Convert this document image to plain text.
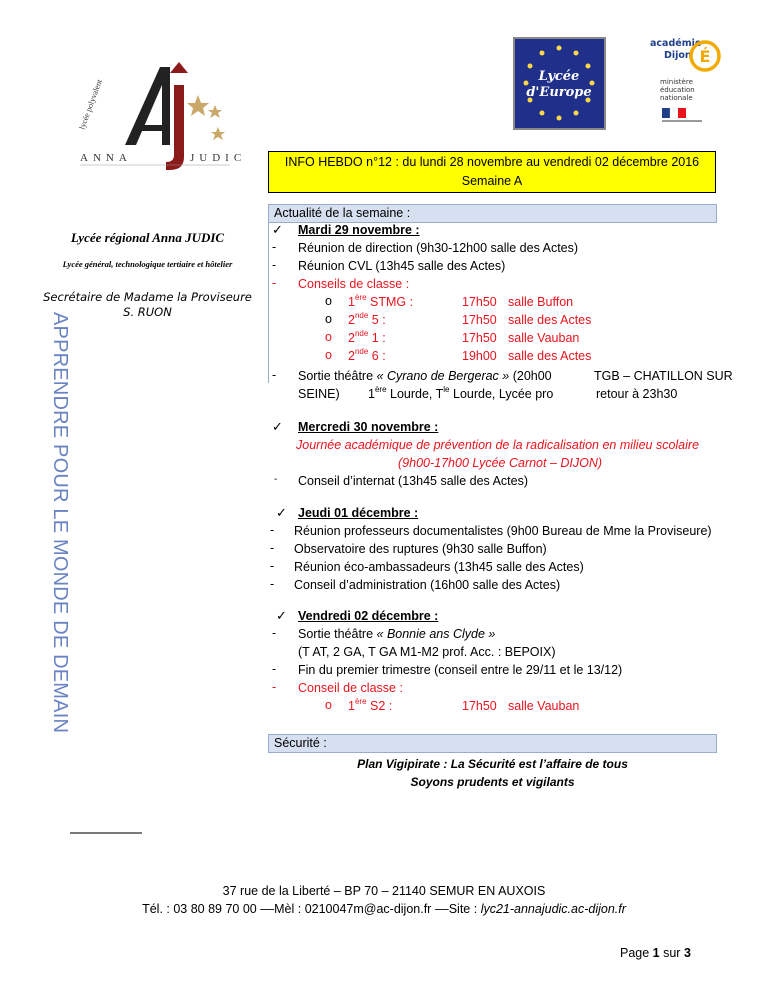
lycée polyvalent
ANNA	JUDIC
Lycée
d'Europe
académie
Dijon É
ministère
éducation
nationale
Lycée régional Anna JUDIC
Lycée général, technologique tertiaire et hôtelier
Secrétaire de Madame la Proviseure
S. RUON
APPRENDRE POUR LE MONDE DE DEMAIN
INFO HEBDO n°12 : du lundi 28 novembre au vendredi 02 décembre 2016
Semaine A
Actualité de la semaine :
✓ Mardi 29 novembre :
- Réunion de direction (9h30-12h00 salle des Actes)
- Réunion CVL (13h45 salle des Actes)
- Conseils de classe :
o 1ère STMG :	17h50 salle Buffon
o 2nde 5 :	17h50 salle des Actes
o 2nde 1 :	17h50 salle Vauban
o 2nde 6 :	19h00 salle des Actes
- Sortie théâtre « Cyrano de Bergerac » (20h00	TGB – CHATILLON SUR
SEINE) 1ère Lourde, $T^{le}$ Lourde, Lycée pro	retour à 23h30
✓ Mercredi 30 novembre :
Journée académique de prévention de la radicalisation en milieu scolaire
(9h00-17h00 Lycée Carnot – DIJON)
- Conseil d’internat (13h45 salle des Actes)
✓ Jeudi 01 décembre :
- Réunion professeurs documentalistes (9h00 Bureau de Mme la Proviseure)
- Observatoire des ruptures (9h30 salle Buffon)
- Réunion éco-ambassadeurs (13h45 salle des Actes)
- Conseil d’administration (16h00 salle des Actes)
✓ Vendredi 02 décembre :
- Sortie théâtre « Bonnie ans Clyde »
(T AT, 2 GA, T GA M1-M2 prof. Acc. : BEPOIX)
- Fin du premier trimestre (conseil entre le 29/11 et le 13/12)
- Conseil de classe :
o 1ère S2 :	17h50 salle Vauban
Sécurité :
Plan Vigipirate : La Sécurité est l’affaire de tous
Soyons prudents et vigilants
37 rue de la Liberté – BP 70 – 21140 SEMUR EN AUXOIS
Tél. : 03 80 89 70 00 ––Mèl : 0210047m@ac-dijon.fr ––Site : lyc21-annajudic.ac-dijon.fr
Page 1 sur 3
